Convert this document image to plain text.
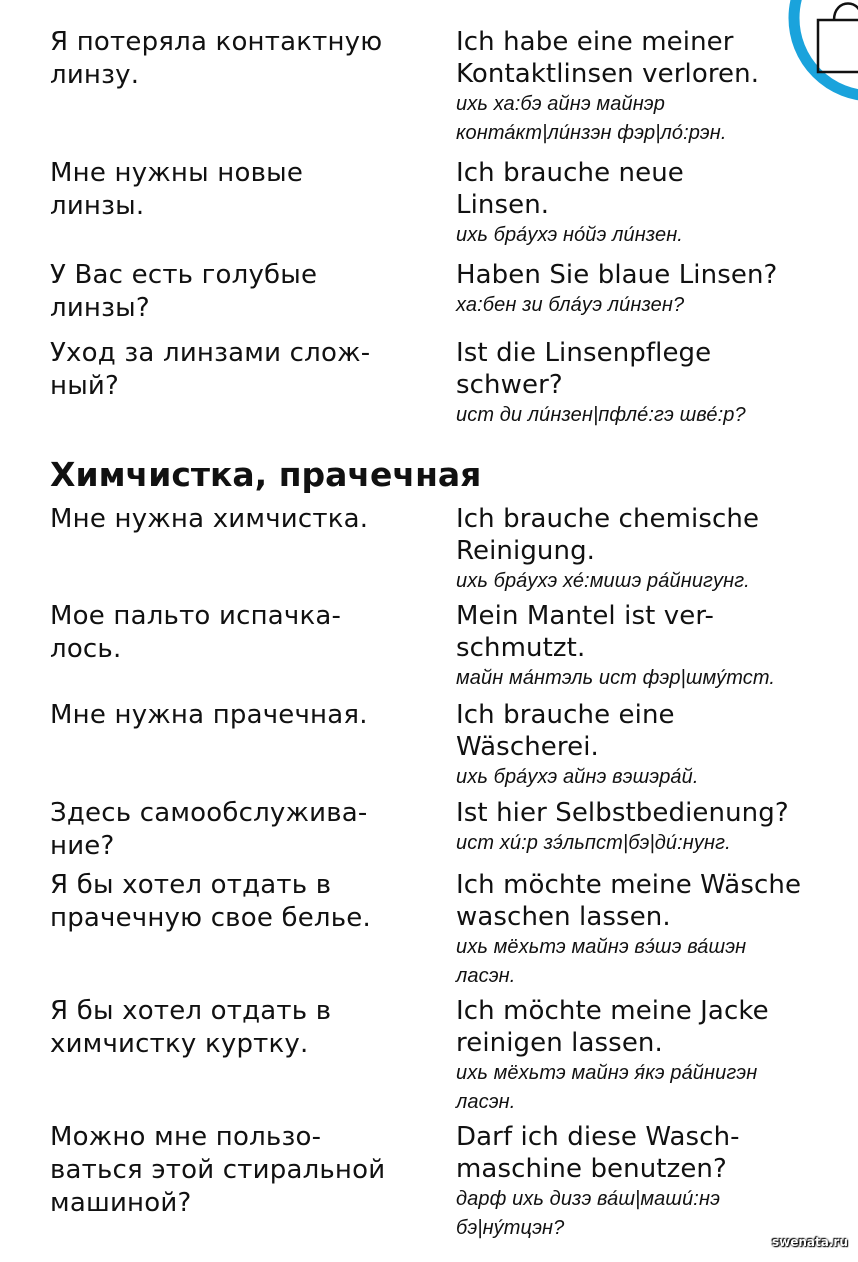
Я потеряла контактную
линзу.
Ich habe eine meiner
Kontaktlinsen verloren.
ихь ха:бэ айнэ майнэр
конта́кт|ли́нзэн фэр|ло́:рэн.
Мне нужны новые
линзы.
Ich brauche neue
Linsen.
ихь бра́ухэ но́йэ ли́нзен.
У Вас есть голубые
линзы?
Haben Sie blaue Linsen?
ха:бен зи бла́уэ ли́нзен?
Уход за линзами слож-
ный?
Ist die Linsenpflege
schwer?
ист ди ли́нзен|пфле́:гэ шве́:р?
Химчистка, прачечная
Мне нужна химчистка.	Ich brauche chemische
Reinigung.
ихь бра́ухэ хе́:мишэ ра́йнигунг.
Мое пальто испачка-
лось.
Mein Mantel ist ver-
schmutzt.
майн ма́нтэль ист фэр|шму́тст.
Мне нужна прачечная.	Ich brauche eine
Wäscherei.
ихь бра́ухэ айнэ вэшэра́й.
Здесь самообслужива-
ние?
Ist hier Selbstbedienung?
ист хи́:р зэ́льпст|бэ|ди́:нунг.
Я бы хотел отдать в
прачечную свое белье.
Ich möchte meine Wäsche
waschen lassen.
ихь мёхьтэ майнэ вэ́шэ ва́шэн
ласэн.
Я бы хотел отдать в
химчистку куртку.
Ich möchte meine Jacke
reinigen lassen.
ихь мёхьтэ майнэ я́кэ ра́йнигэн
ласэн.
Можно мне пользо-
ваться этой стиральной
машиной?
Darf ich diese Wasch-
maschine benutzen?
дарф ихь дизэ ва́ш|маши́:нэ
бэ|ну́тцэн?
swenata.ru
